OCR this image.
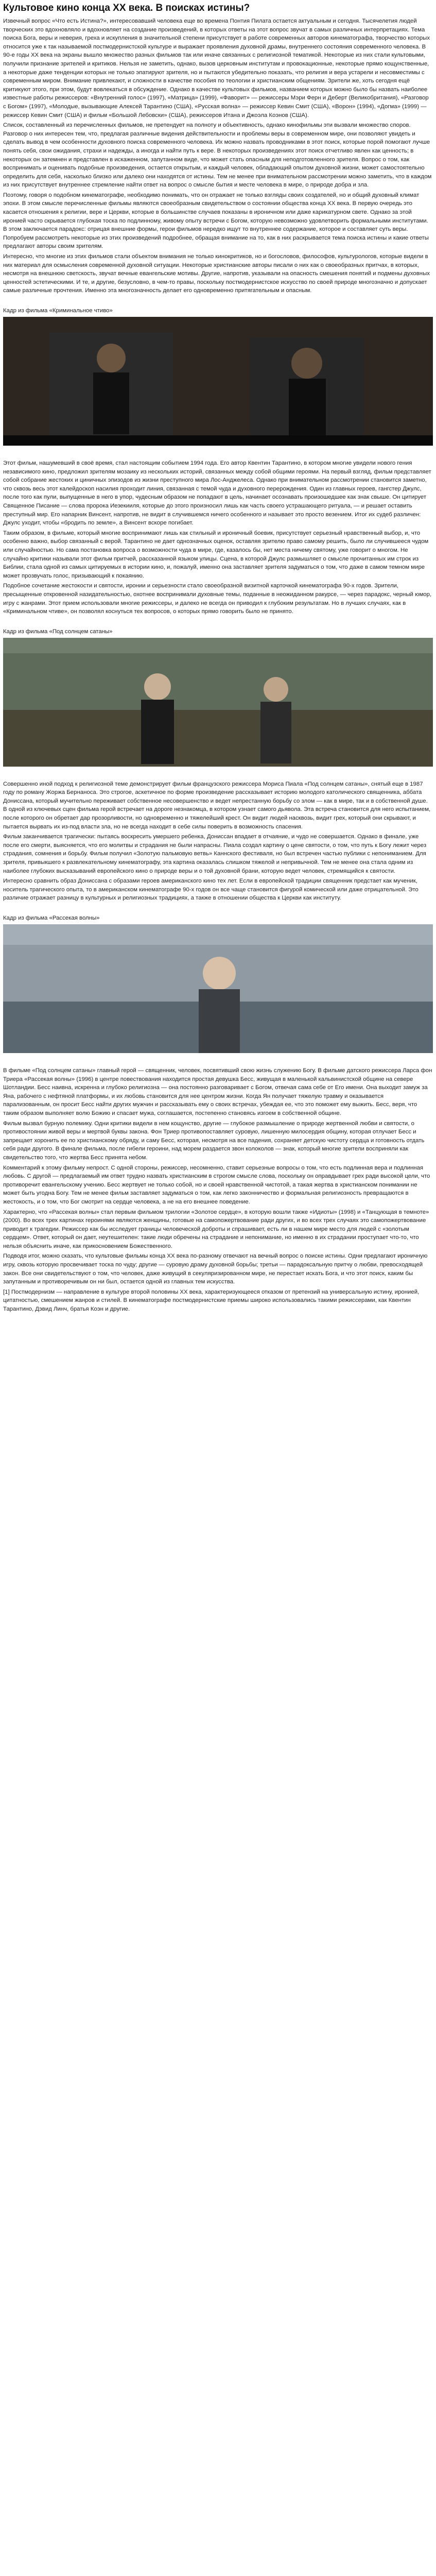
Культовое кино конца XX века. В поисках истины?

Извечный вопрос «Что есть Истина?», интересовавший человека еще во времена Понтия Пилата остается актуальным и сегодня. Тысячелетия людей творческих это вдохновляло и вдохновляет на создание произведений, в которых ответы на этот вопрос звучат в самых различных интерпретациях. Тема поиска Бога, веры и неверия, греха и искупления в значительной степени присутствует в работе современных авторов кинематографа, творчество которых относится уже к так называемой постмодернистской культуре и выражает проявления духовной драмы, внутреннего состояния современного человека. В 90-е годы XX века на экраны вышло множество разных фильмов так или иначе связанных с религиозной тематикой. Некоторые из них стали культовыми, получили признание зрителей и критиков. Нельзя не заметить, однако, вызов церковным институтам и провокационные, некоторые прямо кощунственные, а некоторые даже тенденции которых не только эпатируют зрителя, но и пытаются убедительно показать, что религия и вера устарели и несовместимы с современным миром. Внимание привлекают, и сложности в качестве пособия по теологии и христианским общениям. Зрители же, хоть сегодня ещё критикуют этого, при этом, будут вовлекаться в обсуждение. Однако в качестве культовых фильмов, названием которых можно было бы назвать наиболее известные работы режиссеров: «Внутренний голос» (1997), «Матрица» (1999), «Фаворит» — режиссеры Мэри Ферн и Деберт (Великобритания), «Разговор с Богом» (1997), «Молодые, вызывающие Алексей Тарантино (США), «Русская волна» — режиссер Кевин Смит (США), «Ворон» (1994), «Догма» (1999) — режиссер Кевин Смит (США) и фильм «Большой Лебовски» (США), режиссеров Итана и Джоэла Коэнов (США).

Список, составленный из перечисленных фильмов, не претендует на полноту и объективность, однако кинофильмы эти вызвали множество споров. Разговор о них интересен тем, что, предлагая различные видения действительности и проблемы веры в современном мире, они позволяют увидеть и сделать вывод в чем особенности духовного поиска современного человека. Их можно назвать проводниками в этот поиск, которые порой помогают лучше понять себя, свои ожидания, страхи и надежды, а иногда и найти путь к вере. В некоторых произведениях этот поиск отчетливо явлен как ценность; в некоторых он затемнен и представлен в искаженном, запутанном виде, что может стать опасным для неподготовленного зрителя. Вопрос о том, как воспринимать и оценивать подобные произведения, остается открытым, и каждый человек, обладающий опытом духовной жизни, может самостоятельно определить для себя, насколько близко или далеко они находятся от истины. Тем не менее при внимательном рассмотрении можно заметить, что в каждом из них присутствует внутреннее стремление найти ответ на вопрос о смысле бытия и месте человека в мире, о природе добра и зла.

Поэтому, говоря о подобном кинематографе, необходимо понимать, что он отражает не только взгляды своих создателей, но и общий духовный климат эпохи. В этом смысле перечисленные фильмы являются своеобразным свидетельством о состоянии общества конца XX века. В первую очередь это касается отношения к религии, вере и Церкви, которые в большинстве случаев показаны в ироничном или даже карикатурном свете. Однако за этой иронией часто скрывается глубокая тоска по подлинному, живому опыту встречи с Богом, которую невозможно удовлетворить формальными институтами. В этом заключается парадокс: отрицая внешние формы, герои фильмов нередко ищут то внутреннее содержание, которое и составляет суть веры. Попробуем рассмотреть некоторые из этих произведений подробнее, обращая внимание на то, как в них раскрывается тема поиска истины и какие ответы предлагают авторы своим зрителям.

Интересно, что многие из этих фильмов стали объектом внимания не только кинокритиков, но и богословов, философов, культурологов, которые видели в них материал для осмысления современной духовной ситуации. Некоторые христианские авторы писали о них как о своеобразных притчах, в которых, несмотря на внешнюю светскость, звучат вечные евангельские мотивы. Другие, напротив, указывали на опасность смешения понятий и подмены духовных ценностей эстетическими. И те, и другие, безусловно, в чем-то правы, поскольку постмодернистское искусство по своей природе многозначно и допускает самые различные прочтения. Именно эта многозначность делает его одновременно притягательным и опасным.

Кадр из фильма «Криминальное чтиво»

Этот фильм, нашумевший в своё время, стал настоящим событием 1994 года. Его автор Квентин Тарантино, в котором многие увидели нового гения независимого кино, предложил зрителям мозаику из нескольких историй, связанных между собой общими героями. На первый взгляд, фильм представляет собой собрание жестоких и циничных эпизодов из жизни преступного мира Лос-Анджелеса. Однако при внимательном рассмотрении становится заметно, что сквозь весь этот калейдоскоп насилия проходит линия, связанная с темой чуда и духовного перерождения. Один из главных героев, гангстер Джулс, после того как пули, выпущенные в него в упор, чудесным образом не попадают в цель, начинает осознавать произошедшее как знак свыше. Он цитирует Священное Писание — слова пророка Иезекииля, которые до этого произносил лишь как часть своего устрашающего ритуала, — и решает оставить преступный мир. Его напарник Винсент, напротив, не видит в случившемся ничего особенного и называет это просто везением. Итог их судеб различен: Джулс уходит, чтобы «бродить по земле», а Винсент вскоре погибает.

Таким образом, в фильме, который многие воспринимают лишь как стильный и ироничный боевик, присутствует серьезный нравственный выбор, и, что особенно важно, выбор связанный с верой. Тарантино не дает однозначных оценок, оставляя зрителю право самому решить, было ли случившееся чудом или случайностью. Но сама постановка вопроса о возможности чуда в мире, где, казалось бы, нет места ничему святому, уже говорит о многом. Не случайно критики называли этот фильм притчей, рассказанной языком улицы. Сцена, в которой Джулс размышляет о смысле прочитанных им строк из Библии, стала одной из самых цитируемых в истории кино, и, пожалуй, именно она заставляет зрителя задуматься о том, что даже в самом темном мире может прозвучать голос, призывающий к покаянию.

Подобное сочетание жестокости и святости, иронии и серьезности стало своеобразной визитной карточкой кинематографа 90-х годов. Зрители, пресыщенные откровенной назидательностью, охотнее воспринимали духовные темы, поданные в неожиданном ракурсе, — через парадокс, черный юмор, игру с жанрами. Этот прием использовали многие режиссеры, и далеко не всегда он приводил к глубоким результатам. Но в лучших случаях, как в «Криминальном чтиве», он позволял коснуться тех вопросов, о которых прямо говорить было не принято.

Кадр из фильма «Под солнцем сатаны»

Совершенно иной подход к религиозной теме демонстрирует фильм французского режиссера Мориса Пиала «Под солнцем сатаны», снятый еще в 1987 году по роману Жоржа Бернаноса. Это строгое, аскетичное по форме произведение рассказывает историю молодого католического священника, аббата Дониссана, который мучительно переживает собственное несовершенство и ведет непрестанную борьбу со злом — как в мире, так и в собственной душе. В одной из ключевых сцен фильма герой встречает на дороге незнакомца, в котором узнает самого дьявола. Эта встреча становится для него испытанием, после которого он обретает дар прозорливости, но одновременно и тяжелейший крест. Он видит людей насквозь, видит грех, который они скрывают, и пытается вырвать их из-под власти зла, но не всегда находит в себе силы поверить в возможность спасения.

Фильм заканчивается трагически: пытаясь воскресить умершего ребенка, Дониссан впадает в отчаяние, и чудо не совершается. Однако в финале, уже после его смерти, выясняется, что его молитвы и страдания не были напрасны. Пиала создал картину о цене святости, о том, что путь к Богу лежит через страдания, сомнения и борьбу. Фильм получил «Золотую пальмовую ветвь» Каннского фестиваля, но был встречен частью публики с непониманием. Для зрителя, привыкшего к развлекательному кинематографу, эта картина оказалась слишком тяжелой и непривычной. Тем не менее она стала одним из наиболее глубоких высказываний европейского кино о природе веры и о той духовной брани, которую ведет человек, стремящийся к святости.

Интересно сравнить образ Дониссана с образами героев американского кино тех лет. Если в европейской традиции священник предстает как мученик, носитель трагического опыта, то в американском кинематографе 90-х годов он все чаще становится фигурой комической или даже отрицательной. Это различие отражает разницу в культурных и религиозных традициях, а также в отношении общества к Церкви как институту.

Кадр из фильма «Рассекая волны»

В фильме «Под солнцем сатаны» главный герой — священник, человек, посвятивший свою жизнь служению Богу. В фильме датского режиссера Ларса фон Триера «Рассекая волны» (1996) в центре повествования находится простая девушка Бесс, живущая в маленькой кальвинистской общине на севере Шотландии. Бесс наивна, искренна и глубоко религиозна — она постоянно разговаривает с Богом, отвечая сама себе от Его имени. Она выходит замуж за Яна, рабочего с нефтяной платформы, и их любовь становится для нее центром жизни. Когда Ян получает тяжелую травму и оказывается парализованным, он просит Бесс найти других мужчин и рассказывать ему о своих встречах, убеждая ее, что это поможет ему выжить. Бесс, веря, что таким образом выполняет волю Божию и спасает мужа, соглашается, постепенно становясь изгоем в собственной общине.

Фильм вызвал бурную полемику. Одни критики видели в нем кощунство, другие — глубокое размышление о природе жертвенной любви и святости, о противостоянии живой веры и мертвой буквы закона. Фон Триер противопоставляет суровую, лишенную милосердия общину, которая отлучает Бесс и запрещает хоронить ее по христианскому обряду, и саму Бесс, которая, несмотря на все падения, сохраняет детскую чистоту сердца и готовность отдать себя ради другого. В финале фильма, после гибели героини, над морем раздается звон колоколов — знак, который многие зрители восприняли как свидетельство того, что жертва Бесс принята небом.

Комментарий к этому фильму непрост. С одной стороны, режиссер, несомненно, ставит серьезные вопросы о том, что есть подлинная вера и подлинная любовь. С другой — предлагаемый им ответ трудно назвать христианским в строгом смысле слова, поскольку он оправдывает грех ради высокой цели, что противоречит евангельскому учению. Бесс жертвует не только собой, но и своей нравственной чистотой, а такая жертва в христианском понимании не может быть угодна Богу. Тем не менее фильм заставляет задуматься о том, как легко законничество и формальная религиозность превращаются в жестокость, и о том, что Бог смотрит на сердце человека, а не на его внешнее поведение.

Характерно, что «Рассекая волны» стал первым фильмом трилогии «Золотое сердце», в которую вошли также «Идиоты» (1998) и «Танцующая в темноте» (2000). Во всех трех картинах героинями являются женщины, готовые на самопожертвование ради других, и во всех трех случаях это самопожертвование приводит к трагедии. Режиссер как бы исследует границы человеческой доброты и спрашивает, есть ли в нашем мире место для людей с «золотым сердцем». Ответ, который он дает, неутешителен: такие люди обречены на страдание и непонимание, но именно в их страдании проступает что-то, что нельзя объяснить иначе, как прикосновением Божественного.

Подводя итог, можно сказать, что культовые фильмы конца XX века по-разному отвечают на вечный вопрос о поиске истины. Одни предлагают ироничную игру, сквозь которую просвечивает тоска по чуду; другие — суровую драму духовной борьбы; третьи — парадоксальную притчу о любви, превосходящей закон. Все они свидетельствуют о том, что человек, даже живущий в секуляризированном мире, не перестает искать Бога, и что этот поиск, каким бы запутанным и противоречивым он ни был, остается одной из главных тем искусства.

[1] Постмодернизм — направление в культуре второй половины XX века, характеризующееся отказом от претензий на универсальную истину, иронией, цитатностью, смешением жанров и стилей. В кинематографе постмодернистские приемы широко использовались такими режиссерами, как Квентин Тарантино, Дэвид Линч, братья Коэн и другие.
